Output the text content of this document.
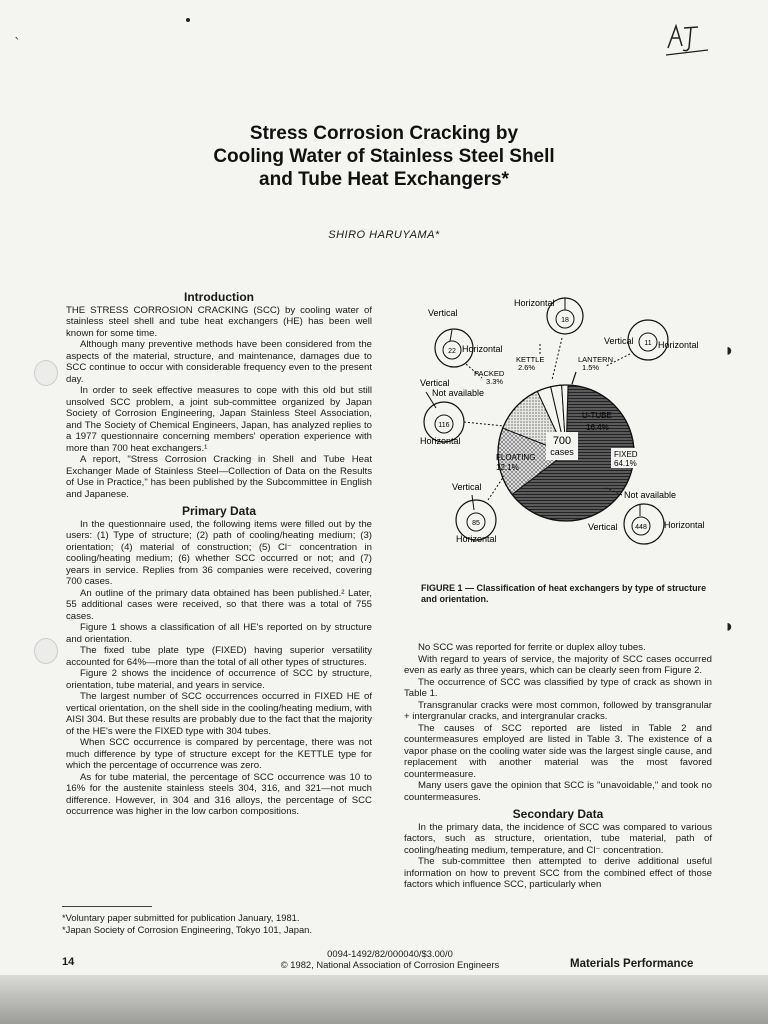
ˋ
Stress Corrosion Cracking by
Cooling Water of Stainless Steel Shell
and Tube Heat Exchangers*
SHIRO HARUYAMA*
Introduction

THE STRESS CORROSION CRACKING (SCC) by cooling water of stainless steel shell and tube heat exchangers (HE) has been well known for some time.

Although many preventive methods have been considered from the aspects of the material, structure, and maintenance, damages due to SCC continue to occur with considerable frequency even to the present day.

In order to seek effective measures to cope with this old but still unsolved SCC problem, a joint sub-committee organized by Japan Society of Corrosion Engineering, Japan Stainless Steel Association, and The Society of Chemical Engineers, Japan, has analyzed replies to a 1977 questionnaire concerning members' operation experience with more than 700 heat exchangers.¹

A report, "Stress Corrosion Cracking in Shell and Tube Heat Exchanger Made of Stainless Steel—Collection of Data on the Results of Use in Practice," has been published by the Subcommittee in English and Japanese.

Primary Data

In the questionnaire used, the following items were filled out by the users: (1) Type of structure; (2) path of cooling/heating medium; (3) orientation; (4) material of construction; (5) Cl⁻ concentration in cooling/heating medium; (6) whether SCC occurred or not; and (7) years in service. Replies from 36 companies were received, covering 700 cases.

An outline of the primary data obtained has been published.² Later, 55 additional cases were received, so that there was a total of 755 cases.

Figure 1 shows a classification of all HE's reported on by structure and orientation.

The fixed tube plate type (FIXED) having superior versatility accounted for 64%—more than the total of all other types of structures.

Figure 2 shows the incidence of occurrence of SCC by structure, orientation, tube material, and years in service.

The largest number of SCC occurrences occurred in FIXED HE of vertical orientation, on the shell side in the cooling/heating medium, with AISI 304. But these results are probably due to the fact that the majority of the HE's were the FIXED type with 304 tubes.

When SCC occurrence is compared by percentage, there was not much difference by type of structure except for the KETTLE type for which the percentage of occurrence was zero.

As for tube material, the percentage of SCC occurrence was 10 to 16% for the austenite stainless steels 304, 316, and 321—not much difference. However, in 304 and 316 alloys, the percentage of SCC occurrence was higher in the low carbon compositions.

*Voluntary paper submitted for publication January, 1981.
*Japan Society of Corrosion Engineering, Tokyo 101, Japan.
700
cases
U-TUBE
16.4%
FLOATING
12.1%
FIXED
64.1%
Horizontal
18
Vertical
22 Horizontal
PACKED
3.3%
KETTLE
2.6%
LANTERN
1.5%
Vertical 11 Horizontal
Vertical
Not available
116
Horizontal
Vertical
85
Horizontal
Not available
448
Vertical	Horizontal
FIGURE 1 — Classification of heat exchangers by type of structure and orientation.
◗
◗

No SCC was reported for ferrite or duplex alloy tubes.

With regard to years of service, the majority of SCC cases occurred even as early as three years, which can be clearly seen from Figure 2.

The occurrence of SCC was classified by type of crack as shown in Table 1.

Transgranular cracks were most common, followed by transgranular + intergranular cracks, and intergranular cracks.

The causes of SCC reported are listed in Table 2 and countermeasures employed are listed in Table 3. The existence of a vapor phase on the cooling water side was the largest single cause, and replacement with another material was the most favored countermeasure.

Many users gave the opinion that SCC is "unavoidable," and took no countermeasures.

Secondary Data

In the primary data, the incidence of SCC was compared to various factors, such as structure, orientation, tube material, path of cooling/heating medium, temperature, and Cl⁻ concentration.

The sub-committee then attempted to derive additional useful information on how to prevent SCC from the combined effect of those factors which influence SCC, particularly when

14
0094-1492/82/000040/$3.00/0
© 1982, National Association of Corrosion Engineers	Materials Performance
